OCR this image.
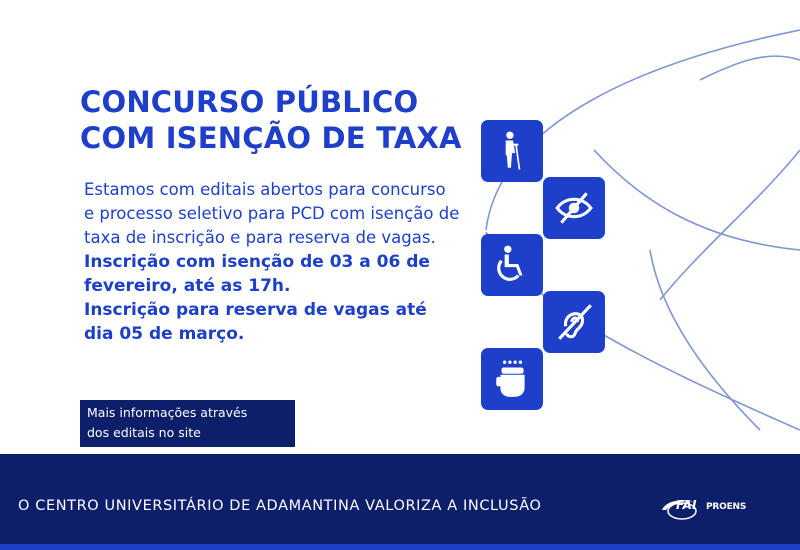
CONCURSO PÚBLICO
COM ISENÇÃO DE TAXA
Estamos com editais abertos para concurso
e processo seletivo para PCD com isenção de
taxa de inscrição e para reserva de vagas.
Inscrição com isenção de 03 a 06 de
fevereiro, até as 17h.
Inscrição para reserva de vagas até
dia 05 de março.
Mais informações através
dos editais no site
O CENTRO UNIVERSITÁRIO DE ADAMANTINA VALORIZA A INCLUSÃO	FAI PROENS
